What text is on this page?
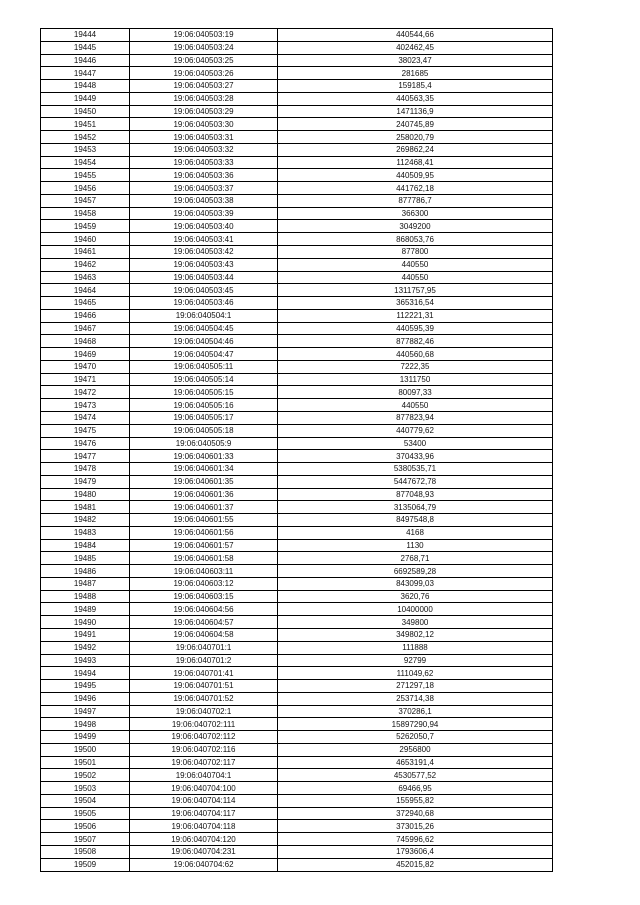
19444	19:06:040503:19	440544,66
19445	19:06:040503:24	402462,45
19446	19:06:040503:25	38023,47
19447	19:06:040503:26	281685
19448	19:06:040503:27	159185,4
19449	19:06:040503:28	440563,35
19450	19:06:040503:29	1471136,9
19451	19:06:040503:30	240745,89
19452	19:06:040503:31	258020,79
19453	19:06:040503:32	269862,24
19454	19:06:040503:33	112468,41
19455	19:06:040503:36	440509,95
19456	19:06:040503:37	441762,18
19457	19:06:040503:38	877786,7
19458	19:06:040503:39	366300
19459	19:06:040503:40	3049200
19460	19:06:040503:41	868053,76
19461	19:06:040503:42	877800
19462	19:06:040503:43	440550
19463	19:06:040503:44	440550
19464	19:06:040503:45	1311757,95
19465	19:06:040503:46	365316,54
19466	19:06:040504:1	112221,31
19467	19:06:040504:45	440595,39
19468	19:06:040504:46	877882,46
19469	19:06:040504:47	440560,68
19470	19:06:040505:11	7222,35
19471	19:06:040505:14	1311750
19472	19:06:040505:15	80097,33
19473	19:06:040505:16	440550
19474	19:06:040505:17	877823,94
19475	19:06:040505:18	440779,62
19476	19:06:040505:9	53400
19477	19:06:040601:33	370433,96
19478	19:06:040601:34	5380535,71
19479	19:06:040601:35	5447672,78
19480	19:06:040601:36	877048,93
19481	19:06:040601:37	3135064,79
19482	19:06:040601:55	8497548,8
19483	19:06:040601:56	4168
19484	19:06:040601:57	1130
19485	19:06:040601:58	2768,71
19486	19:06:040603:11	6692589,28
19487	19:06:040603:12	843099,03
19488	19:06:040603:15	3620,76
19489	19:06:040604:56	10400000
19490	19:06:040604:57	349800
19491	19:06:040604:58	349802,12
19492	19:06:040701:1	111888
19493	19:06:040701:2	92799
19494	19:06:040701:41	111049,62
19495	19:06:040701:51	271297,18
19496	19:06:040701:52	253714,38
19497	19:06:040702:1	370286,1
19498	19:06:040702:111	15897290,94
19499	19:06:040702:112	5262050,7
19500	19:06:040702:116	2956800
19501	19:06:040702:117	4653191,4
19502	19:06:040704:1	4530577,52
19503	19:06:040704:100	69466,95
19504	19:06:040704:114	155955,82
19505	19:06:040704:117	372940,68
19506	19:06:040704:118	373015,26
19507	19:06:040704:120	745996,62
19508	19:06:040704:231	1793606,4
19509	19:06:040704:62	452015,82
